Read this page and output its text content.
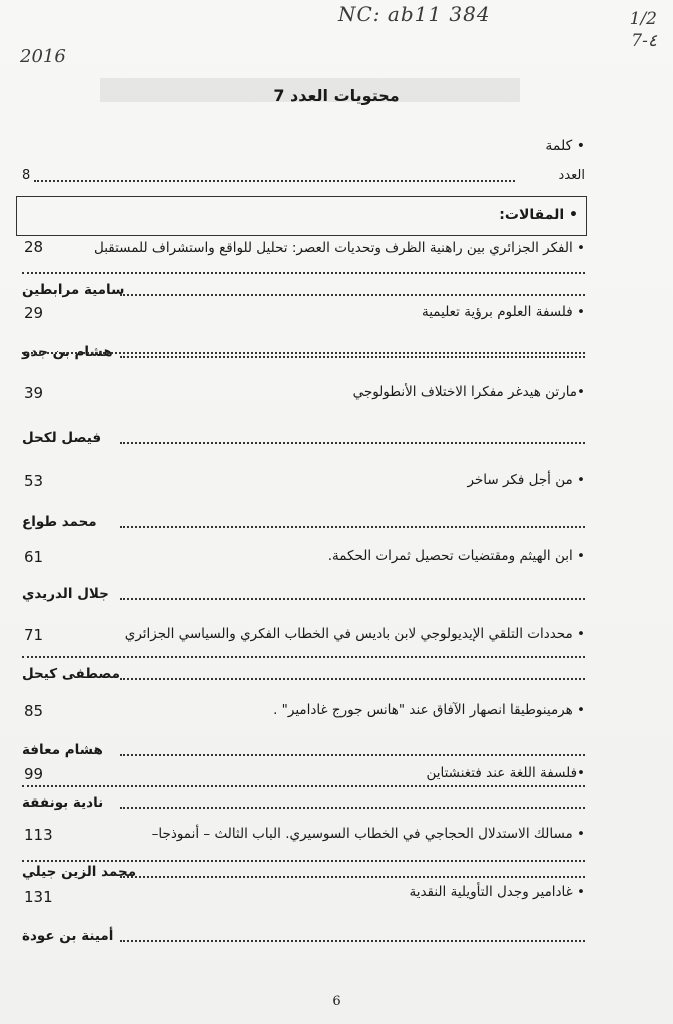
NC: ab11 384
2016
1/2
7-٤
محتويات العدد 7
• كلمة
العدد
8
• المقالات:
• الفكر الجزائري بين راهنية الظرف وتحديات العصر: تحليل للواقع واستشراف للمستقبل
28
سامية مرابطين
• فلسفة العلوم برؤية تعليمية
29
هشام بن جدو
•مارتن هيدغر مفكرا الاختلاف الأنطولوجي
39
فيصل لكحل
• من أجل فكر ساخر
53
محمد طواع
• ابن الهيثم ومقتضيات تحصيل ثمرات الحكمة.
61
جلال الدريدي
• محددات التلقي الإيديولوجي لابن باديس في الخطاب الفكري والسياسي الجزائري
71
مصطفى كيحل
• هرمينوطيقا انصهار الآفاق عند "هانس جورج غادامير" .
85
هشام معافة
•فلسفة اللغة عند فتغنشتاين
99
نادية بونفقة
• مسالك الاستدلال الحجاجي في الخطاب السوسيري. الباب الثالث – أنموذجا–
113
محمد الزين جيلي
• غادامير وجدل التأويلية النقدية
131
أمينة بن عودة
6
